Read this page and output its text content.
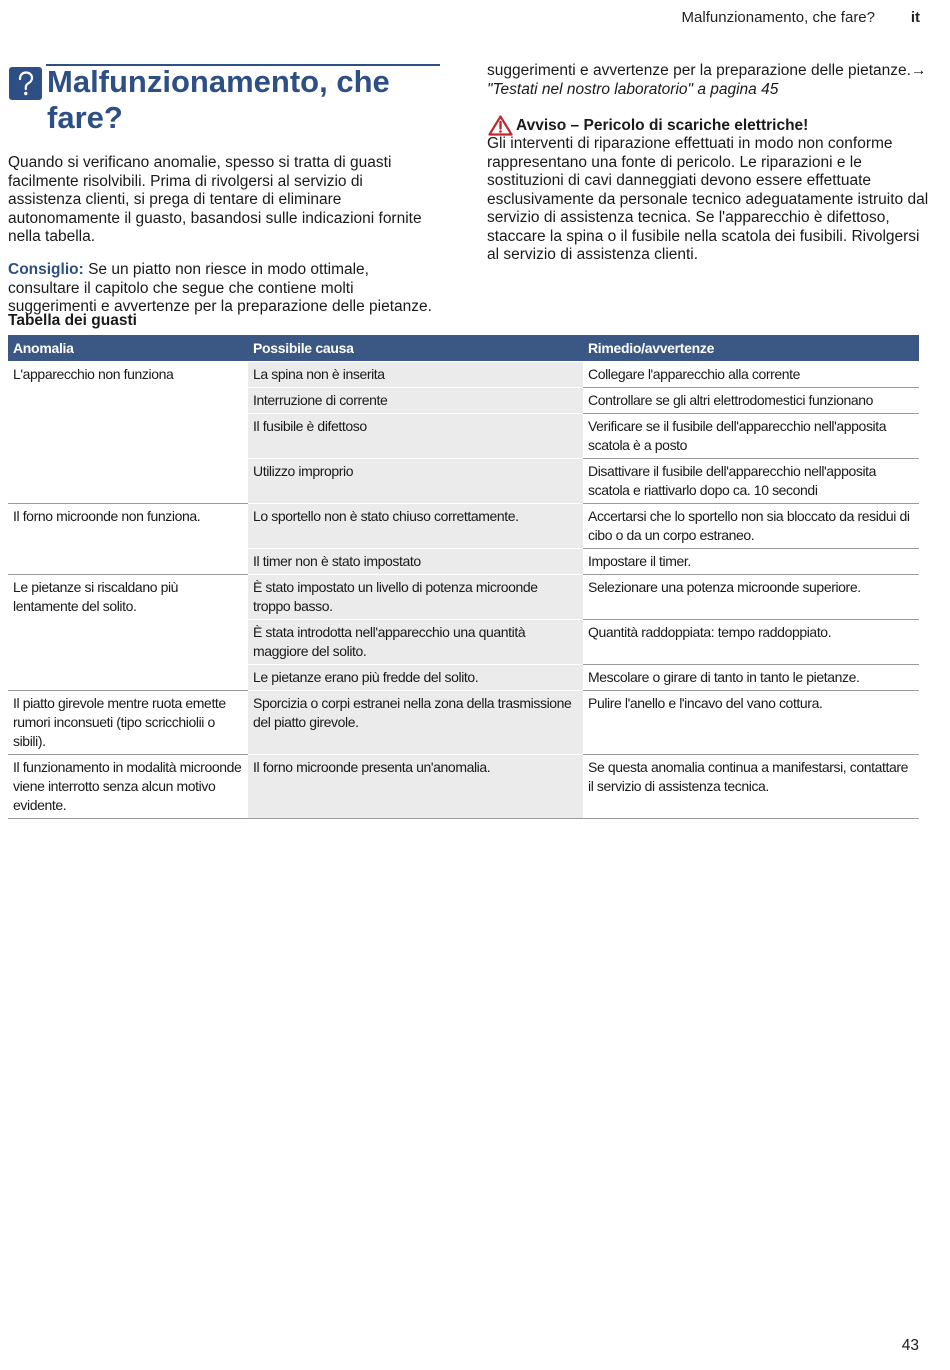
Malfunzionamento, che fare? it
Malfunzionamento, che fare?

Quando si verificano anomalie, spesso si tratta di guasti facilmente risolvibili. Prima di rivolgersi al servizio di assistenza clienti, si prega di tentare di eliminare autonomamente il guasto, basandosi sulle indicazioni fornite nella tabella.

Consiglio: Se un piatto non riesce in modo ottimale, consultare il capitolo che segue che contiene molti suggerimenti e avvertenze per la preparazione delle pietanze.

suggerimenti e avvertenze per la preparazione delle pietanze.→ "Testati nel nostro laboratorio" a pagina 45

Avviso – Pericolo di scariche elettriche!

Gli interventi di riparazione effettuati in modo non conforme rappresentano una fonte di pericolo. Le riparazioni e le sostituzioni di cavi danneggiati devono essere effettuate esclusivamente da personale tecnico adeguatamente istruito dal servizio di assistenza tecnica. Se l'apparecchio è difettoso, staccare la spina o il fusibile nella scatola dei fusibili. Rivolgersi al servizio di assistenza clienti.

Tabella dei guasti
Anomalia	Possibile causa	Rimedio/avvertenze
L'apparecchio non funziona	La spina non è inserita	Collegare l'apparecchio alla corrente
	Interruzione di corrente	Controllare se gli altri elettrodomestici funzionano
	Il fusibile è difettoso	Verificare se il fusibile dell'apparecchio nell'apposita scatola è a posto
	Utilizzo improprio	Disattivare il fusibile dell'apparecchio nell'apposita scatola e riattivarlo dopo ca. 10 secondi
Il forno microonde non funziona.	Lo sportello non è stato chiuso correttamente.	Accertarsi che lo sportello non sia bloccato da residui di cibo o da un corpo estraneo.
	Il timer non è stato impostato	Impostare il timer.
Le pietanze si riscaldano più lentamente del solito.	È stato impostato un livello di potenza microonde troppo basso.	Selezionare una potenza microonde superiore.
	È stata introdotta nell'apparecchio una quantità maggiore del solito.	Quantità raddoppiata: tempo raddoppiato.
	Le pietanze erano più fredde del solito.	Mescolare o girare di tanto in tanto le pietanze.
Il piatto girevole mentre ruota emette rumori inconsueti (tipo scricchiolii o sibili).	Sporcizia o corpi estranei nella zona della trasmissione del piatto girevole.	Pulire l'anello e l'incavo del vano cottura.
Il funzionamento in modalità microonde viene interrotto senza alcun motivo evidente.	Il forno microonde presenta un'anomalia.	Se questa anomalia continua a manifestarsi, contattare il servizio di assistenza tecnica.
43
